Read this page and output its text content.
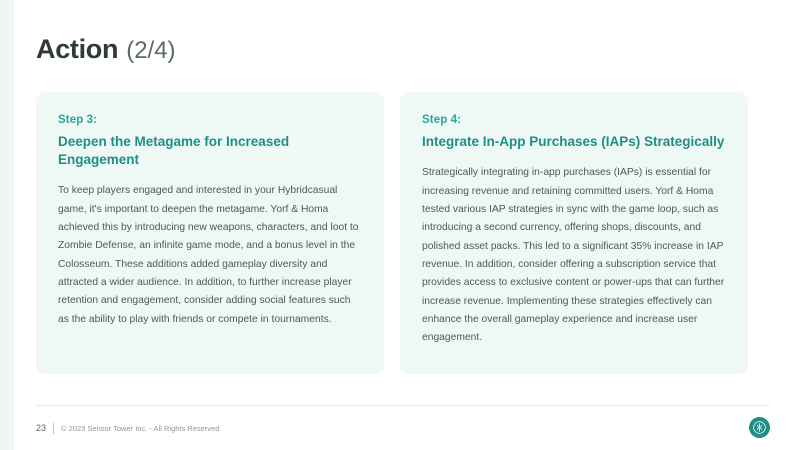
Action (2/4)

Step 3:

Deepen the Metagame for Increased Engagement

To keep players engaged and interested in your Hybridcasual game, it's important to deepen the metagame. Yorf & Homa achieved this by introducing new weapons, characters, and loot to Zombie Defense, an infinite game mode, and a bonus level in the Colosseum. These additions added gameplay diversity and attracted a wider audience. In addition, to further increase player retention and engagement, consider adding social features such as the ability to play with friends or compete in tournaments.

Step 4:

Integrate In-App Purchases (IAPs) Strategically

Strategically integrating in-app purchases (IAPs) is essential for increasing revenue and retaining committed users. Yorf & Homa tested various IAP strategies in sync with the game loop, such as introducing a second currency, offering shops, discounts, and polished asset packs. This led to a significant 35% increase in IAP revenue. In addition, consider offering a subscription service that provides access to exclusive content or power-ups that can further increase revenue. Implementing these strategies effectively can enhance the overall gameplay experience and increase user engagement.

23 © 2023 Sensor Tower Inc. - All Rights Reserved
